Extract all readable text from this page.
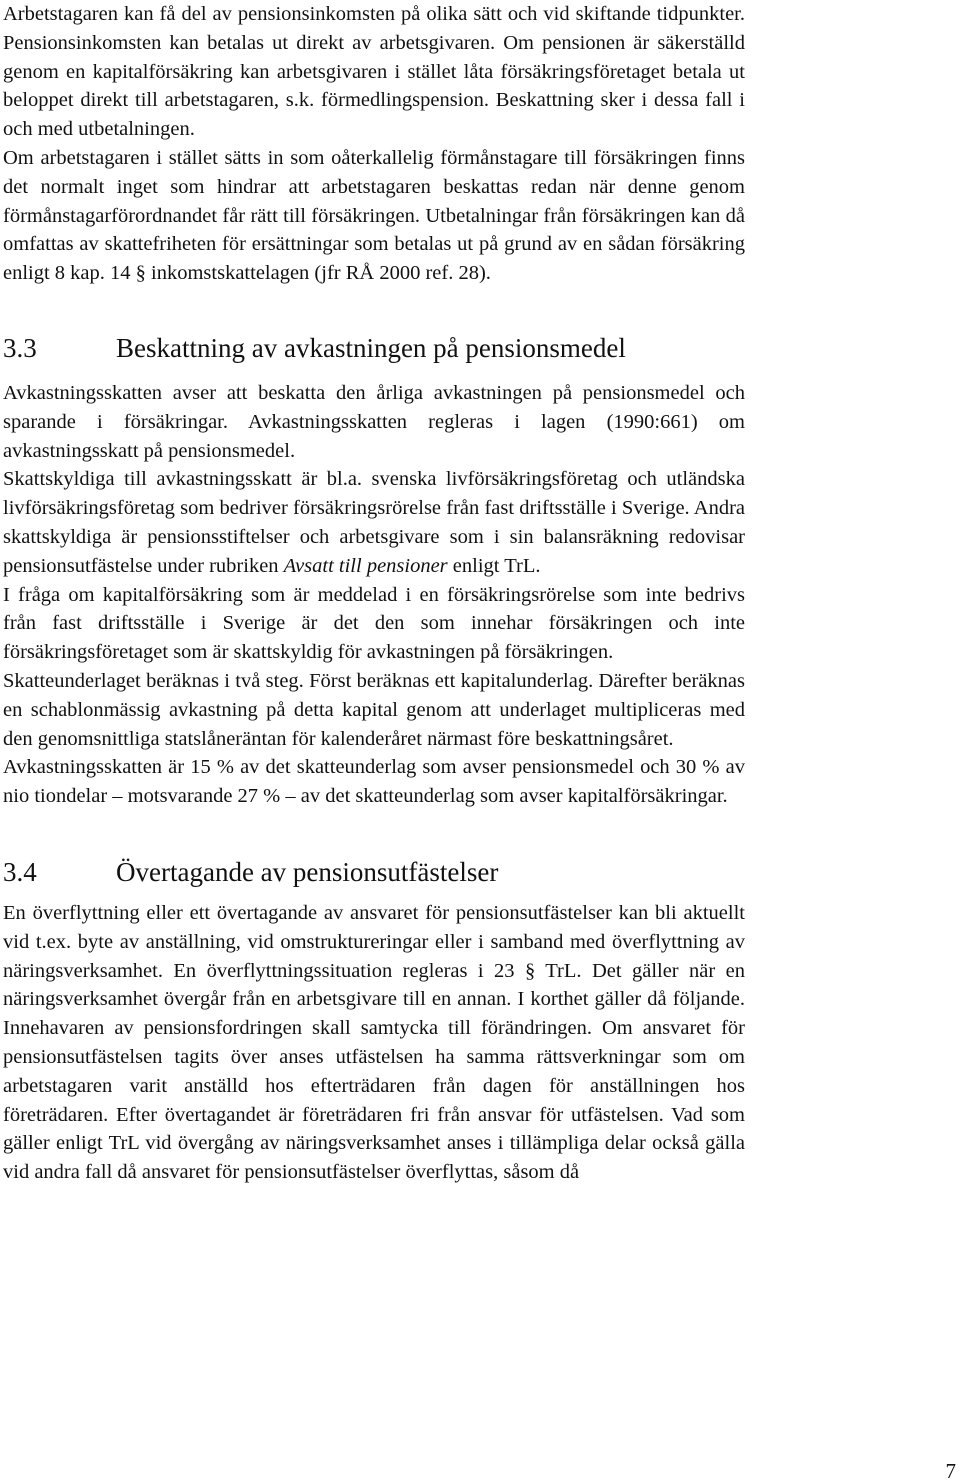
Arbetstagaren kan få del av pensionsinkomsten på olika sätt och vid skiftande tidpunkter. Pensionsinkomsten kan betalas ut direkt av arbetsgivaren. Om pensionen är säkerställd genom en kapitalförsäkring kan arbetsgivaren i stället låta försäkringsföretaget betala ut beloppet direkt till arbetstagaren, s.k. förmedlingspension. Beskattning sker i dessa fall i och med utbetalningen.

Om arbetstagaren i stället sätts in som oåterkallelig förmånstagare till försäkringen finns det normalt inget som hindrar att arbetstagaren beskattas redan när denne genom förmånstagarförordnandet får rätt till försäkringen. Utbetalningar från försäkringen kan då omfattas av skattefriheten för ersättningar som betalas ut på grund av en sådan försäkring enligt 8 kap. 14 § inkomstskattelagen (jfr RÅ 2000 ref. 28).

3.3	Beskattning av avkastningen på pensionsmedel

Avkastningsskatten avser att beskatta den årliga avkastningen på pensionsmedel och sparande i försäkringar. Avkastningsskatten regleras i lagen (1990:661) om avkastningsskatt på pensionsmedel.

Skattskyldiga till avkastningsskatt är bl.a. svenska livförsäkringsföretag och utländska livförsäkringsföretag som bedriver försäkringsrörelse från fast driftsställe i Sverige. Andra skattskyldiga är pensionsstiftelser och arbetsgivare som i sin balansräkning redovisar pensionsutfästelse under rubriken Avsatt till pensioner enligt TrL.

I fråga om kapitalförsäkring som är meddelad i en försäkringsrörelse som inte bedrivs från fast driftsställe i Sverige är det den som innehar försäkringen och inte försäkringsföretaget som är skattskyldig för avkastningen på försäkringen.

Skatteunderlaget beräknas i två steg. Först beräknas ett kapitalunderlag. Därefter beräknas en schablonmässig avkastning på detta kapital genom att underlaget multipliceras med den genomsnittliga statslåneräntan för kalenderåret närmast före beskattningsåret.

Avkastningsskatten är 15 % av det skatteunderlag som avser pensionsmedel och 30 % av nio tiondelar – motsvarande 27 % – av det skatteunderlag som avser kapitalförsäkringar.

3.4	Övertagande av pensionsutfästelser

En överflyttning eller ett övertagande av ansvaret för pensionsutfästelser kan bli aktuellt vid t.ex. byte av anställning, vid omstruktureringar eller i samband med överflyttning av näringsverksamhet. En överflyttningssituation regleras i 23 § TrL. Det gäller när en näringsverksamhet övergår från en arbetsgivare till en annan. I korthet gäller då följande. Innehavaren av pensionsfordringen skall samtycka till förändringen. Om ansvaret för pensionsutfästelsen tagits över anses utfästelsen ha samma rättsverkningar som om arbetstagaren varit anställd hos efterträdaren från dagen för anställningen hos företrädaren. Efter övertagandet är företrädaren fri från ansvar för utfästelsen. Vad som gäller enligt TrL vid övergång av näringsverksamhet anses i tillämpliga delar också gälla vid andra fall då ansvaret för pensionsutfästelser överflyttas, såsom då

7
